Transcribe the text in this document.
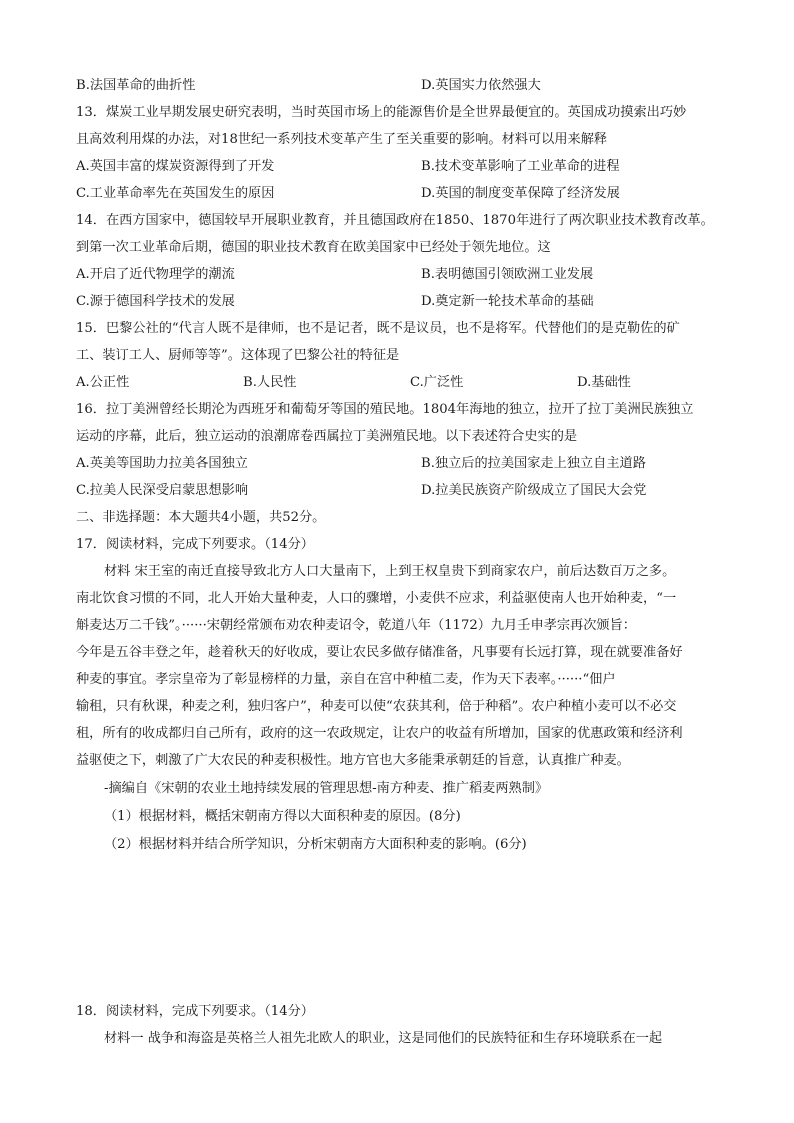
B.法国革命的曲折性	D.英国实力依然强大
13．煤炭工业早期发展史研究表明，当时英国市场上的能源售价是全世界最便宜的。英国成功摸索出巧妙
且高效利用煤的办法，对18世纪一系列技术变革产生了至关重要的影响。材料可以用来解释
A.英国丰富的煤炭资源得到了开发	B.技术变革影响了工业革命的进程
C.工业革命率先在英国发生的原因	D.英国的制度变革保障了经济发展
14．在西方国家中，德国较早开展职业教育，并且德国政府在1850、1870年进行了两次职业技术教育改革。
到第一次工业革命后期，德国的职业技术教育在欧美国家中已经处于领先地位。这
A.开启了近代物理学的潮流	B.表明德国引领欧洲工业发展
C.源于德国科学技术的发展	D.奠定新一轮技术革命的基础
15．巴黎公社的“代言人既不是律师，也不是记者，既不是议员，也不是将军。代替他们的是克勒佐的矿
工、装订工人、厨师等等”。这体现了巴黎公社的特征是
A.公正性	B.人民性	C.广泛性	D.基础性
16．拉丁美洲曾经长期沦为西班牙和葡萄牙等国的殖民地。1804年海地的独立，拉开了拉丁美洲民族独立
运动的序幕，此后，独立运动的浪潮席卷西属拉丁美洲殖民地。以下表述符合史实的是
A.英美等国助力拉美各国独立	B.独立后的拉美国家走上独立自主道路
C.拉美人民深受启蒙思想影响	D.拉美民族资产阶级成立了国民大会党
二、非选择题：本大题共4小题，共52分。
17．阅读材料，完成下列要求。（14分）
材料 宋王室的南迁直接导致北方人口大量南下，上到王权皇贵下到商家农户，前后达数百万之多。
南北饮食习惯的不同，北人开始大量种麦，人口的骤增，小麦供不应求，利益驱使南人也开始种麦，“一
斛麦达万二千钱”。······宋朝经常颁布劝农种麦诏令，乾道八年（1172）九月壬申孝宗再次颁旨：
今年是五谷丰登之年，趁着秋天的好收成，要让农民多做存储准备，凡事要有长远打算，现在就要准备好
种麦的事宜。孝宗皇帝为了彰显榜样的力量，亲自在宫中种植二麦，作为天下表率。······“佃户
输租，只有秋课，种麦之利，独归客户”，种麦可以使“农获其利，倍于种稻”。农户种植小麦可以不必交
租，所有的收成都归自己所有，政府的这一农政规定，让农户的收益有所增加，国家的优惠政策和经济利
益驱使之下，刺激了广大农民的种麦积极性。地方官也大多能秉承朝廷的旨意，认真推广种麦。
-摘编自《宋朝的农业土地持续发展的管理思想-南方种麦、推广稻麦两熟制》
（1）根据材料，概括宋朝南方得以大面积种麦的原因。(8分)
（2）根据材料并结合所学知识，分析宋朝南方大面积种麦的影响。(6分)
18．阅读材料，完成下列要求。（14分）
材料一 战争和海盗是英格兰人祖先北欧人的职业，这是同他们的民族特征和生存环境联系在一起
